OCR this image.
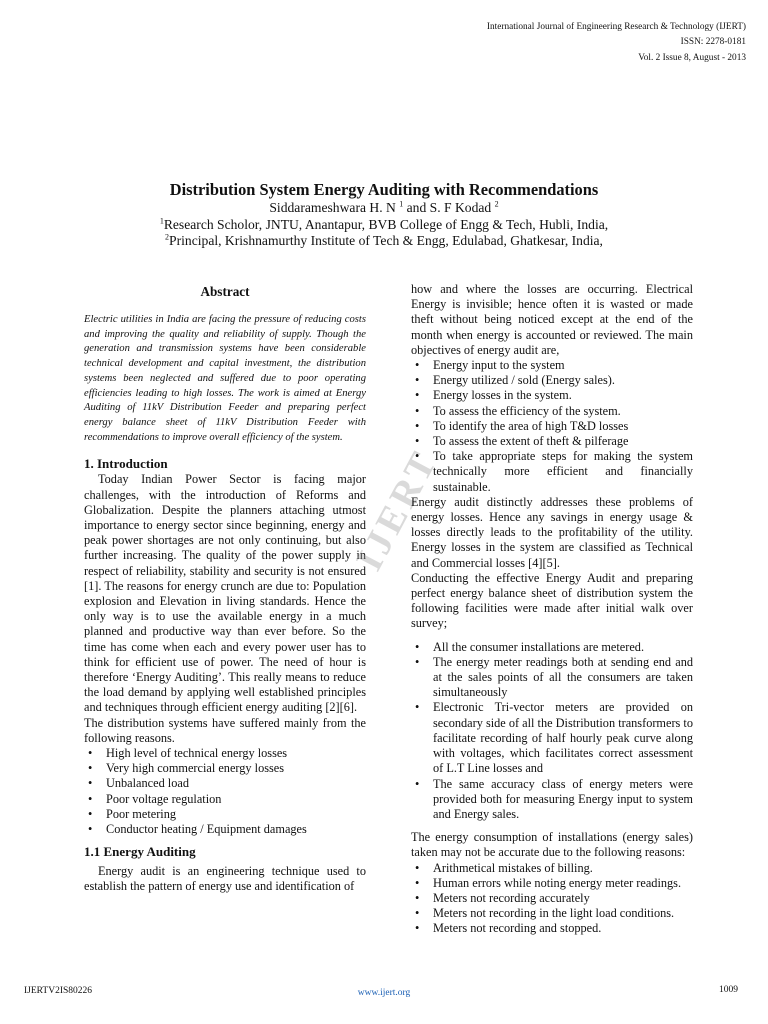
International Journal of Engineering Research & Technology (IJERT)
ISSN: 2278-0181
Vol. 2 Issue 8, August - 2013
Distribution System Energy Auditing with Recommendations
Siddarameshwara H. N $^1$ and S. F Kodad $^2$
$^1$Research Scholor, JNTU, Anantapur, BVB College of Engg & Tech, Hubli, India,
$^2$Principal, Krishnamurthy Institute of Tech & Engg, Edulabad, Ghatkesar, India,
Abstract

Electric utilities in India are facing the pressure of reducing costs and improving the quality and reliability of supply. Though the generation and transmission systems have been considerable technical development and capital investment, the distribution systems been neglected and suffered due to poor operating efficiencies leading to high losses. The work is aimed at Energy Auditing of 11kV Distribution Feeder and preparing perfect energy balance sheet of 11kV Distribution Feeder with recommendations to improve overall efficiency of the system.

1. Introduction

Today Indian Power Sector is facing major challenges, with the introduction of Reforms and Globalization. Despite the planners attaching utmost importance to energy sector since beginning, energy and peak power shortages are not only continuing, but also further increasing. The quality of the power supply in respect of reliability, stability and security is not ensured [1]. The reasons for energy crunch are due to: Population explosion and Elevation in living standards. Hence the only way is to use the available energy in a much planned and productive way than ever before. So the time has come when each and every power user has to think for efficient use of power. The need of hour is therefore ‘Energy Auditing’. This really means to reduce the load demand by applying well established principles and techniques through efficient energy auditing [2][6].

The distribution systems have suffered mainly from the following reasons.

• High level of technical energy losses
• Very high commercial energy losses
• Unbalanced load
• Poor voltage regulation
• Poor metering
• Conductor heating / Equipment damages
1.1 Energy Auditing

Energy audit is an engineering technique used to establish the pattern of energy use and identification of

IJERT

how and where the losses are occurring. Electrical Energy is invisible; hence often it is wasted or made theft without being noticed except at the end of the month when energy is accounted or reviewed. The main objectives of energy audit are,

• Energy input to the system
• Energy utilized / sold (Energy sales).
• Energy losses in the system.
• To assess the efficiency of the system.
• To identify the area of high T&D losses
• To assess the extent of theft & pilferage
• To take appropriate steps for making the system technically more efficient and financially sustainable.

Energy audit distinctly addresses these problems of energy losses. Hence any savings in energy usage & losses directly leads to the profitability of the utility. Energy losses in the system are classified as Technical and Commercial losses [4][5].

Conducting the effective Energy Audit and preparing perfect energy balance sheet of distribution system the following facilities were made after initial walk over survey;

• All the consumer installations are metered.
• The energy meter readings both at sending end and at the sales points of all the consumers are taken simultaneously
• Electronic Tri-vector meters are provided on secondary side of all the Distribution transformers to facilitate recording of half hourly peak curve along with voltages, which facilitates correct assessment of L.T Line losses and
• The same accuracy class of energy meters were provided both for measuring Energy input to system and Energy sales.

The energy consumption of installations (energy sales) taken may not be accurate due to the following reasons:

• Arithmetical mistakes of billing.
• Human errors while noting energy meter readings.
• Meters not recording accurately
• Meters not recording in the light load conditions.
• Meters not recording and stopped.
IJERTV2IS80226	www.ijert.org	1009
